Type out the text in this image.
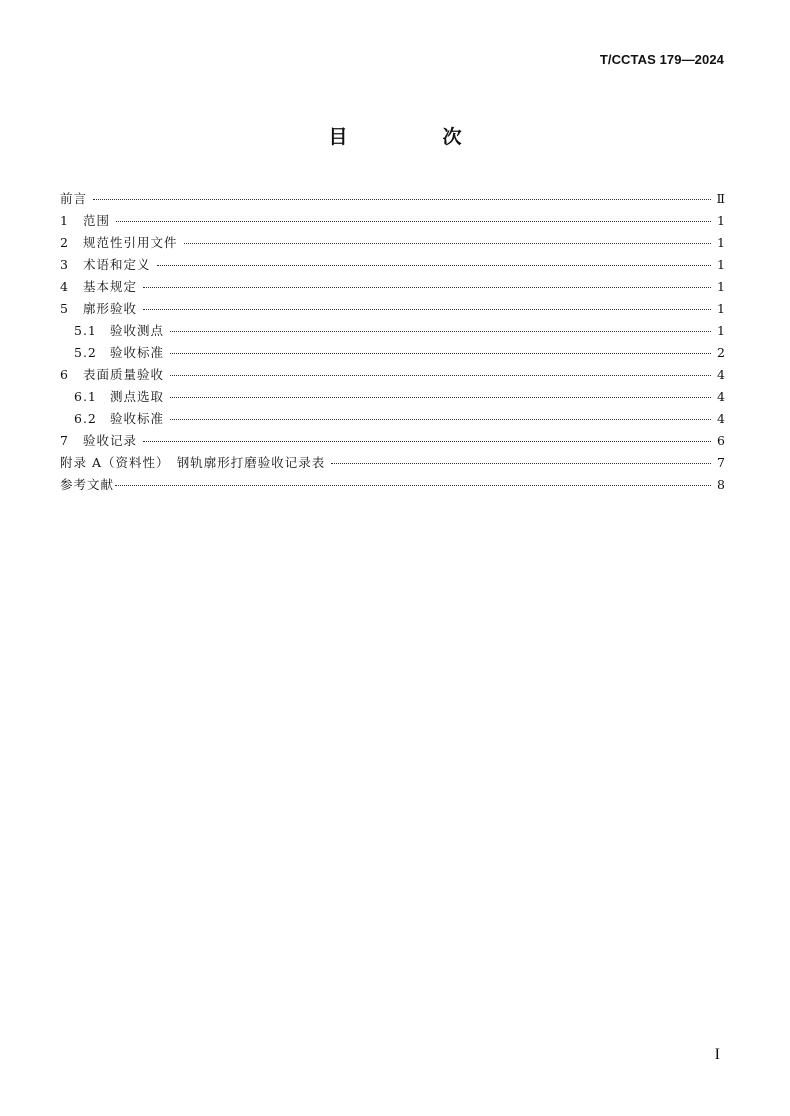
T/CCTAS 179—2024
目　次
前言	Ⅱ
1	范围	1
2	规范性引用文件	1
3	术语和定义	1
4	基本规定	1
5	廓形验收	1
5.1	验收测点	1
5.2	验收标准	2
6	表面质量验收	4
6.1	测点选取	4
6.2	验收标准	4
7	验收记录	6
附录 A（资料性）　钢轨廓形打磨验收记录表	7
参考文献	8
I
